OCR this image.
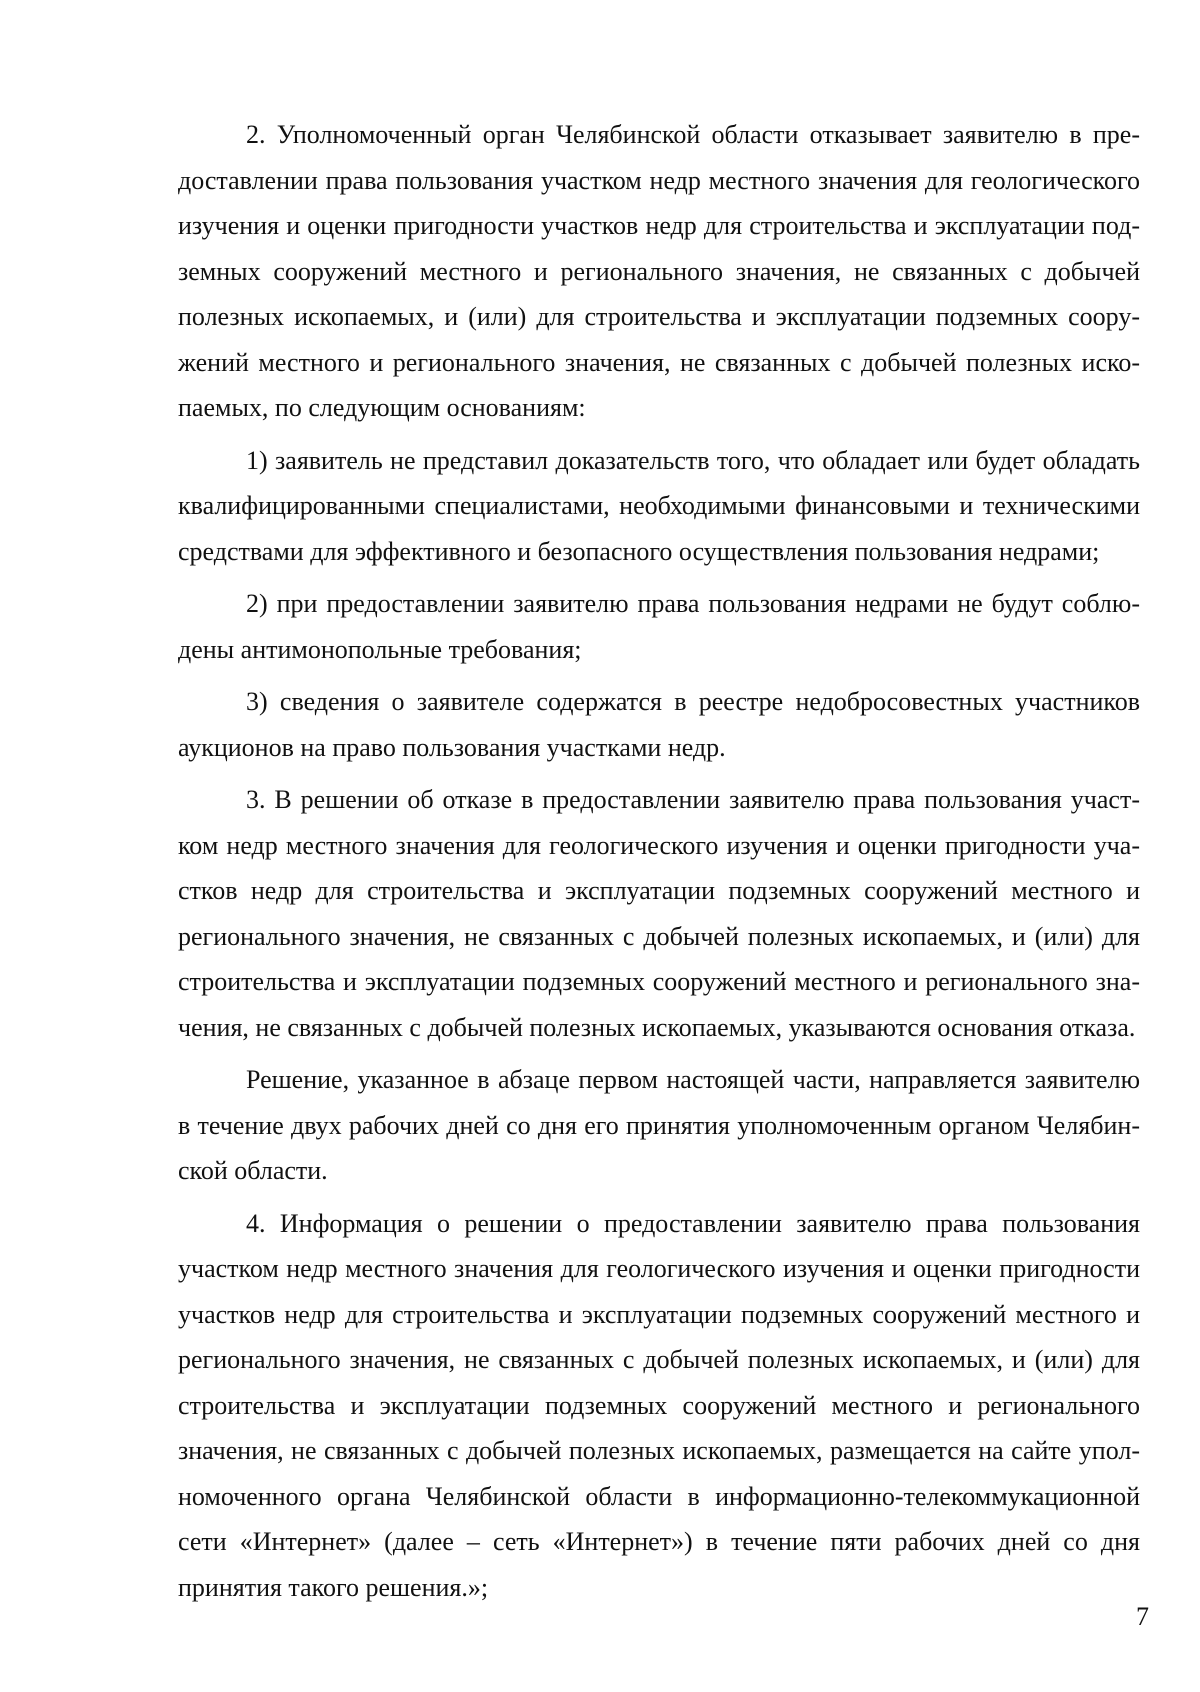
2. Уполномоченный орган Челябинской области отказывает заявителю в предоставлении права пользования участком недр местного значения для геологического изучения и оценки пригодности участков недр для строительства и эксплуатации подземных сооружений местного и регионального значения, не связанных с добычей полезных ископаемых, и (или) для строительства и эксплуатации подземных сооружений местного и регионального значения, не связанных с добычей полезных ископаемых, по следующим основаниям:

1) заявитель не представил доказательств того, что обладает или будет обладать квалифицированными специалистами, необходимыми финансовыми и техническими средствами для эффективного и безопасного осуществления пользования недрами;

2) при предоставлении заявителю права пользования недрами не будут соблюдены антимонопольные требования;

3) сведения о заявителе содержатся в реестре недобросовестных участников аукционов на право пользования участками недр.

3. В решении об отказе в предоставлении заявителю права пользования участком недр местного значения для геологического изучения и оценки пригодности участков недр для строительства и эксплуатации подземных сооружений местного и регионального значения, не связанных с добычей полезных ископаемых, и (или) для строительства и эксплуатации подземных сооружений местного и регионального значения, не связанных с добычей полезных ископаемых, указываются основания отказа.

Решение, указанное в абзаце первом настоящей части, направляется заявителю в течение двух рабочих дней со дня его принятия уполномоченным органом Челябинской области.

4. Информация о решении о предоставлении заявителю права пользования участком недр местного значения для геологического изучения и оценки пригодности участков недр для строительства и эксплуатации подземных сооружений местного и регионального значения, не связанных с добычей полезных ископаемых, и (или) для строительства и эксплуатации подземных сооружений местного и регионального значения, не связанных с добычей полезных ископаемых, размещается на сайте уполномоченного органа Челябинской области в информационно-телекоммукационной сети «Интернет» (далее – сеть «Интернет») в течение пяти рабочих дней со дня принятия такого решения.»;

7
